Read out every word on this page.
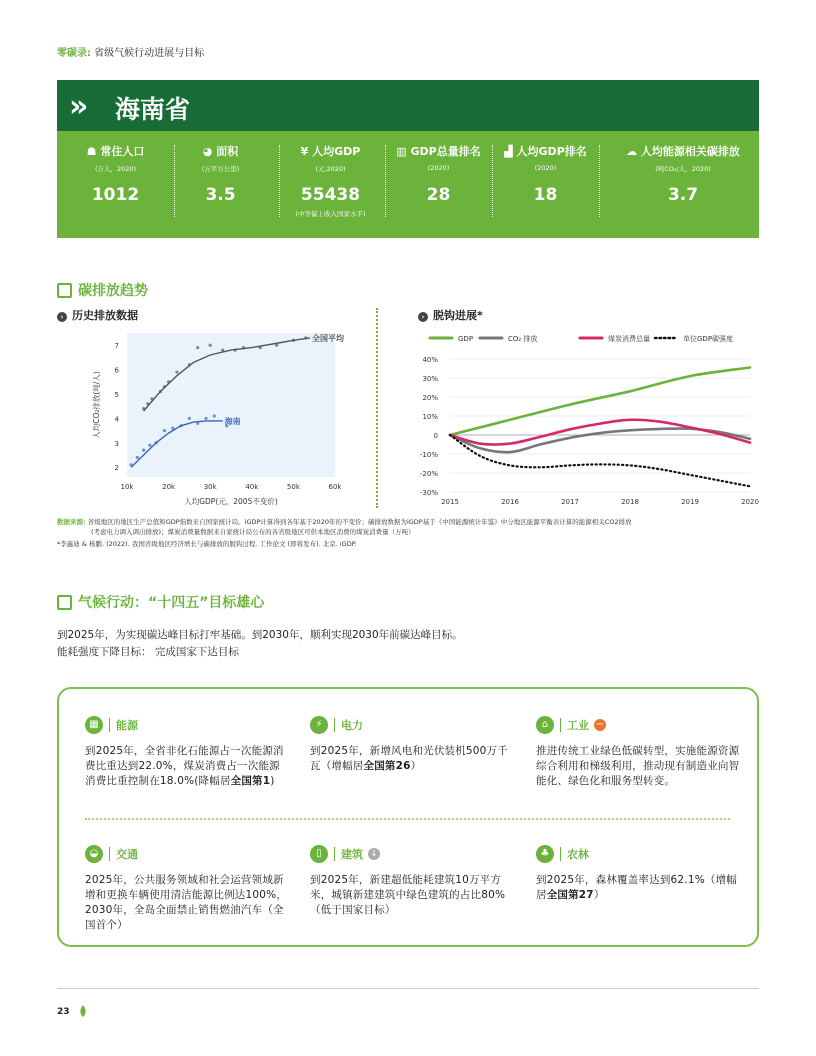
零碳录: 省级气候行动进展与目标
» 海南省
☗ 常住人口
(万人，2020)
1012
◕ 面积
(万平方公里)
3.5
¥ 人均GDP
(元,2020)
55438
(中等偏上收入国家水平)
▥ GDP总量排名
(2020)
28
▟ 人均GDP排名
(2020)
18
☁ 人均能源相关碳排放
(吨CO₂/人，2020)
3.7
碳排放趋势
› 历史排放数据	› 脱钩进展*
10k	20k	30k	40k	50k	60k
2
3
4
5
6
7
人均GDP(元，2005不变价)
人均CO₂排放(吨/人)
全国平均
海南
GDP	CO₂ 排放	煤炭消费总量	单位GDP碳强度
40%
30%
20%
10%
0
-10%
-20%
-30%
2015	2016	2017	2018	2019	2020
数据来源: 省级地区的地区生产总值和GDP指数来自国家统计局。iGDP计算得到各年基于2020年的不变价；碳排放数据为iGDP基于《中国能源统计年鉴》中分地区能源平衡表计算的能源相关CO2排放
(考虑电力调入调出排放)；煤炭消费量数据来自家统计局公布的各省级地区可供本地区消费的煤炭消费量（万吨）
*李鑫迪 & 杨鹏. (2022). 我国省级地区经济增长与碳排放的脱钩过程. 工作论文 (即将发布). 北京. iGDP.
气候行动：“十四五”目标雄心
到2025年，为实现碳达峰目标打牢基础。到2030年，顺利实现2030年前碳达峰目标。
能耗强度下降目标： 完成国家下达目标
▦	能源
到2025年，全省非化石能源占一次能源消费比重达到22.0%，煤炭消费占一次能源消费比重控制在18.0%(降幅居全国第1)
⚡	电力
到2025年，新增风电和光伏装机500万千瓦（增幅居全国第26）
⌂	工业 −
推进传统工业绿色低碳转型，实施能源资源综合利用和梯级利用，推动现有制造业向智能化、绿色化和服务型转变。
◒	交通
2025年，公共服务领域和社会运营领域新增和更换车辆使用清洁能源比例达100%，2030年，全岛全面禁止销售燃油汽车（全国首个）
▯	建筑 ↓
到2025年，新建超低能耗建筑10万平方米，城镇新建建筑中绿色建筑的占比80%（低于国家目标）
♣	农林
到2025年，森林覆盖率达到62.1%（增幅居全国第27）
23
